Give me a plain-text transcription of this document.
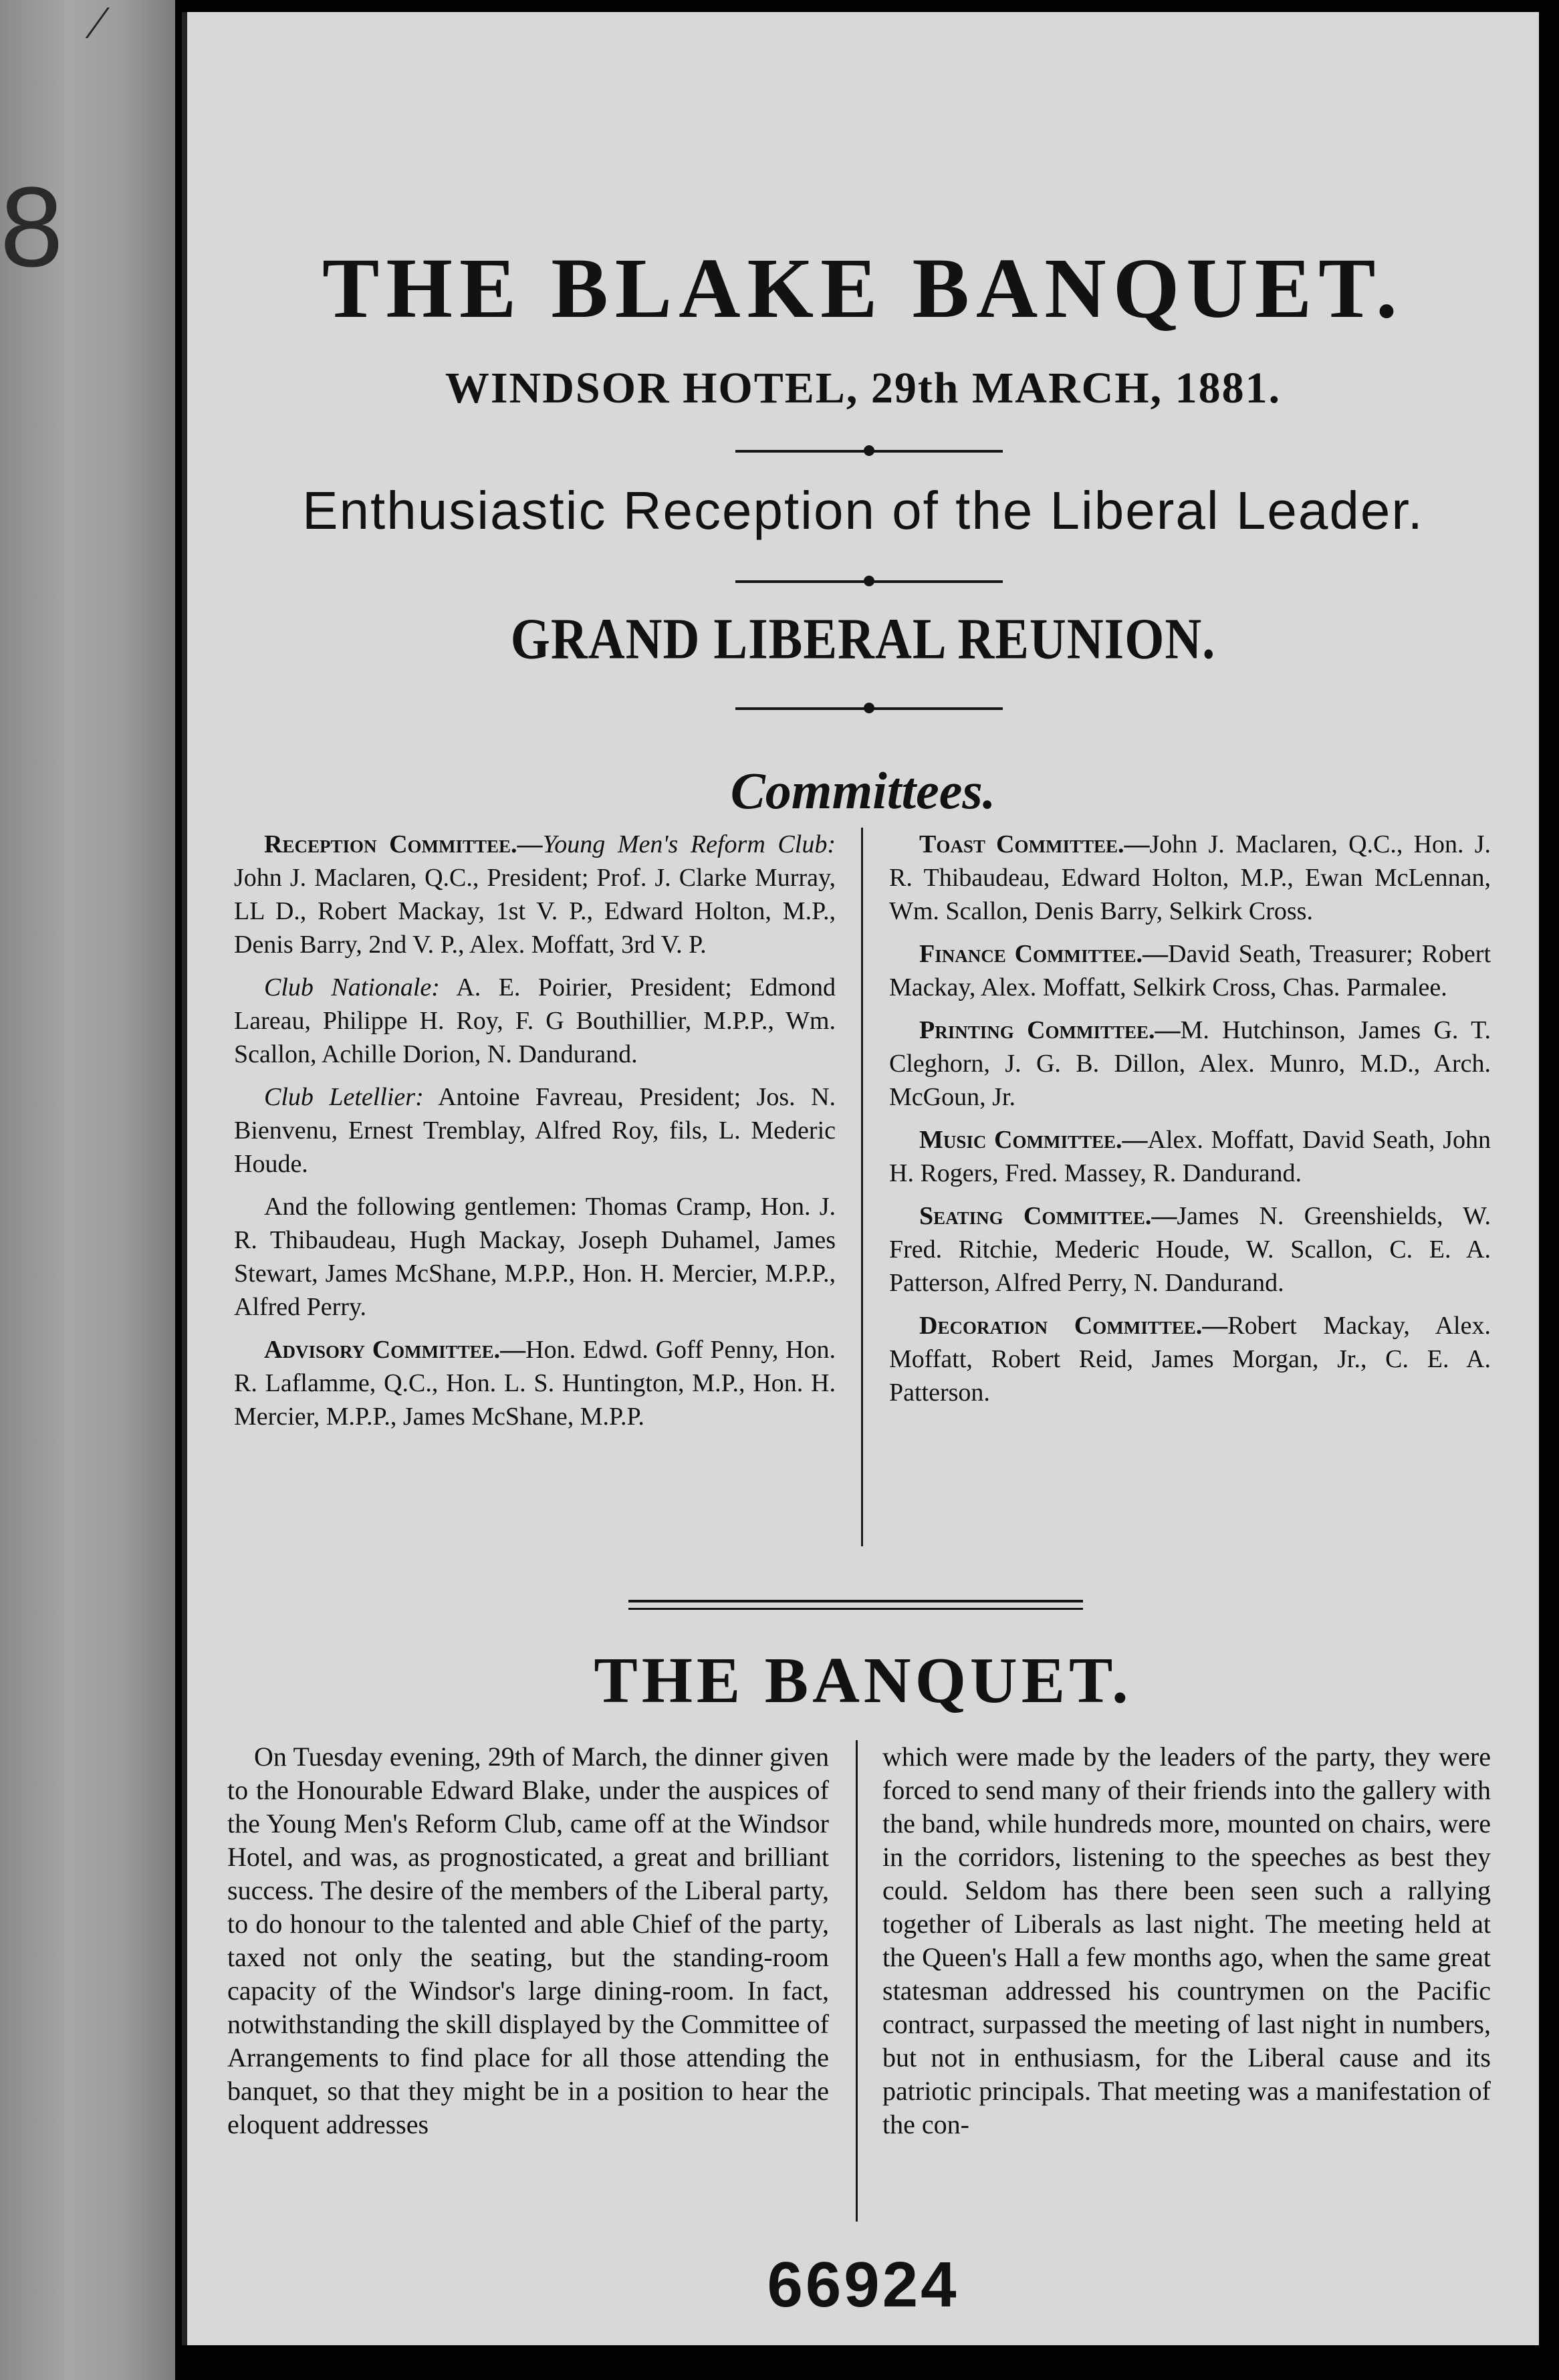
8
⁄
THE BLAKE BANQUET.
WINDSOR HOTEL, 29th MARCH, 1881.
Enthusiastic Reception of the Liberal Leader.
GRAND LIBERAL REUNION.
Committees.

Reception Committee.—Young Men's Reform Club: John J. Maclaren, Q.C., President; Prof. J. Clarke Murray, LL D., Robert Mackay, 1st V. P., Edward Holton, M.P., Denis Barry, 2nd V. P., Alex. Moffatt, 3rd V. P.

Club Nationale: A. E. Poirier, President; Edmond Lareau, Philippe H. Roy, F. G Bouthillier, M.P.P., Wm. Scallon, Achille Dorion, N. Dandurand.

Club Letellier: Antoine Favreau, President; Jos. N. Bienvenu, Ernest Tremblay, Alfred Roy, fils, L. Mederic Houde.

And the following gentlemen: Thomas Cramp, Hon. J. R. Thibaudeau, Hugh Mackay, Joseph Duhamel, James Stewart, James McShane, M.P.P., Hon. H. Mercier, M.P.P., Alfred Perry.

Advisory Committee.—Hon. Edwd. Goff Penny, Hon. R. Laflamme, Q.C., Hon. L. S. Huntington, M.P., Hon. H. Mercier, M.P.P., James McShane, M.P.P.

Toast Committee.—John J. Maclaren, Q.C., Hon. J. R. Thibaudeau, Edward Holton, M.P., Ewan McLennan, Wm. Scallon, Denis Barry, Selkirk Cross.

Finance Committee.—David Seath, Treasurer; Robert Mackay, Alex. Moffatt, Selkirk Cross, Chas. Parmalee.

Printing Committee.—M. Hutchinson, James G. T. Cleghorn, J. G. B. Dillon, Alex. Munro, M.D., Arch. McGoun, Jr.

Music Committee.—Alex. Moffatt, David Seath, John H. Rogers, Fred. Massey, R. Dandurand.

Seating Committee.—James N. Greenshields, W. Fred. Ritchie, Mederic Houde, W. Scallon, C. E. A. Patterson, Alfred Perry, N. Dandurand.

Decoration Committee.—Robert Mackay, Alex. Moffatt, Robert Reid, James Morgan, Jr., C. E. A. Patterson.

THE BANQUET.

On Tuesday evening, 29th of March, the dinner given to the Honourable Edward Blake, under the auspices of the Young Men's Reform Club, came off at the Windsor Hotel, and was, as prognosticated, a great and brilliant success. The desire of the members of the Liberal party, to do honour to the talented and able Chief of the party, taxed not only the seating, but the standing-room capacity of the Windsor's large dining-room. In fact, notwithstanding the skill displayed by the Committee of Arrangements to find place for all those attending the banquet, so that they might be in a position to hear the eloquent addresses

which were made by the leaders of the party, they were forced to send many of their friends into the gallery with the band, while hundreds more, mounted on chairs, were in the corridors, listening to the speeches as best they could. Seldom has there been seen such a rallying together of Liberals as last night. The meeting held at the Queen's Hall a few months ago, when the same great statesman addressed his countrymen on the Pacific contract, surpassed the meeting of last night in numbers, but not in enthusiasm, for the Liberal cause and its patriotic principals. That meeting was a manifestation of the con-

66924
